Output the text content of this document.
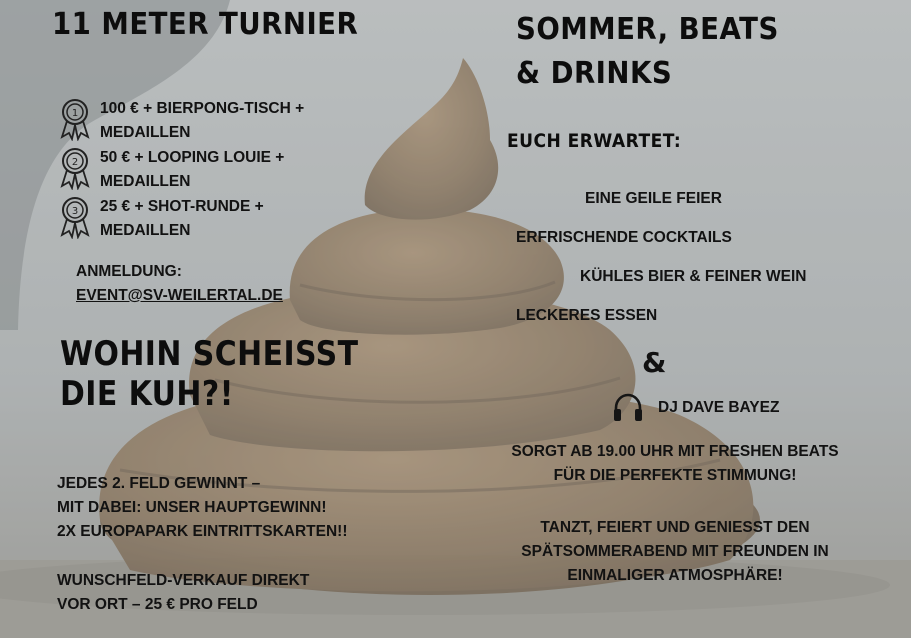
11 METER TURNIER
1 100 € + BIERPONG-TISCH +
MEDAILLEN
2 50 € + LOOPING LOUIE +
MEDAILLEN
3 25 € + SHOT-RUNDE +
MEDAILLEN
ANMELDUNG:
EVENT@SV-WEILERTAL.DE
WOHIN SCHEISST
DIE KUH?!
JEDES 2. FELD GEWINNT –
MIT DABEI: UNSER HAUPTGEWINN!
2X EUROPAPARK EINTRITTSKARTEN!!
WUNSCHFELD-VERKAUF DIREKT
VOR ORT – 25 € PRO FELD
SOMMER, BEATS
& DRINKS
EUCH ERWARTET:
EINE GEILE FEIER
ERFRISCHENDE COCKTAILS
KÜHLES BIER & FEINER WEIN
LECKERES ESSEN
&
DJ DAVE BAYEZ
SORGT AB 19.00 UHR MIT FRESHEN BEATS
FÜR DIE PERFEKTE STIMMUNG!
TANZT, FEIERT UND GENIESST DEN
SPÄTSOMMERABEND MIT FREUNDEN IN
EINMALIGER ATMOSPHÄRE!
